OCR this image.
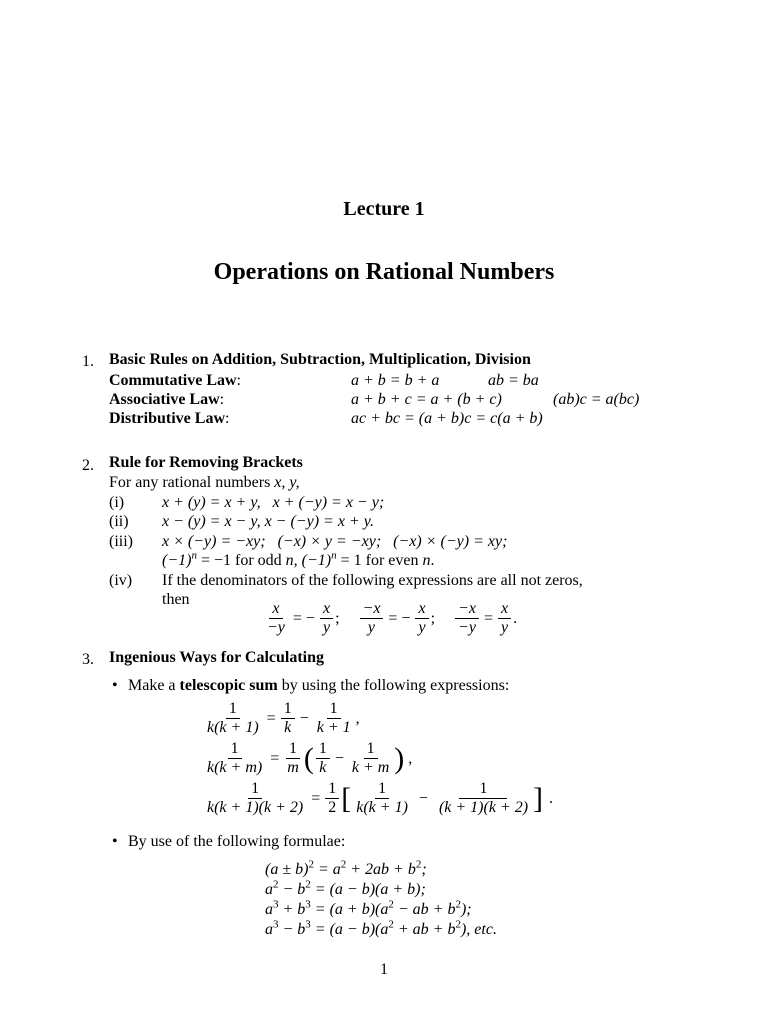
Lecture 1
Operations on Rational Numbers
1. Basic Rules on Addition, Subtraction, Multiplication, Division
Commutative Law:	a + b = b + a	ab = ba
Associative Law:	a + b + c = a + (b + c)	(ab)c = a(bc)
Distributive Law:	ac + bc = (a + b)c = c(a + b)
2. Rule for Removing Brackets
For any rational numbers x, y,
(i) x + (y) = x + y,   x + (−y) = x − y;
(ii) x − (y) = x − y, x − (−y) = x + y.
(iii) x × (−y) = −xy;   (−x) × y = −xy;   (−x) × (−y) = xy;
$(-1)^n = -1$ for odd n, $(-1)^n = 1$ for even n.
(iv) If the denominators of the following expressions are all not zeros,
then
$\frac{x}{-y}$ = − $\frac{x}{y}$ ; $\frac{-x}{y}$ = − $\frac{x}{y}$ ; $\frac{-x}{-y} = \frac{x}{y}$ .
3. Ingenious Ways for Calculating
• Make a telescopic sum by using the following expressions:
$\frac{1}{k(k + 1)} = \frac{1}{k} - \frac{1}{k + 1}$ ,
$\frac{1}{k(k + m)} = \frac{1}{m}$ ( $\frac{1}{k} - \frac{1}{k + m}$ ) ,
$\frac{1}{k(k + 1)(k + 2)} = \frac{1}{2}$ [ $\frac{1}{k(k + 1)} - \frac{1}{(k + 1)(k + 2)}$ ] .
• By use of the following formulae:
$(a \pm b)^2 = a^2 + 2ab + b^2$;
$a^2 - b^2 = (a - b)(a + b)$;
$a^3 + b^3 = (a + b)(a^2$ − ab + $b^2$);
$a^3 - b^3 = (a - b)(a^2$ + ab + $b^2$), etc.
1
